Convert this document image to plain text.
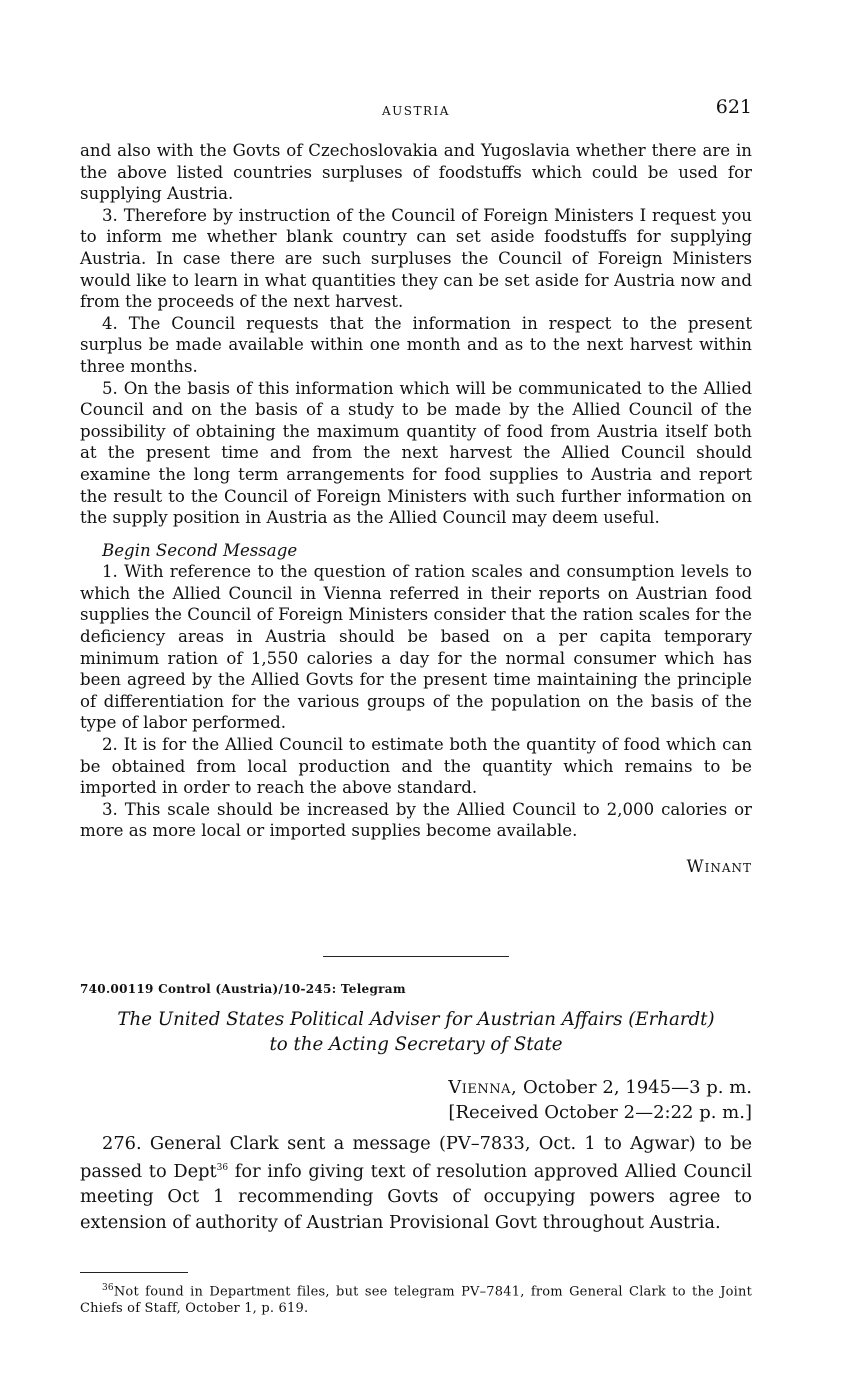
AUSTRIA	621

and also with the Govts of Czechoslovakia and Yugoslavia whether there are in the above listed countries surpluses of foodstuffs which could be used for supplying Austria.

3. Therefore by instruction of the Council of Foreign Ministers I request you to inform me whether blank country can set aside foodstuffs for supplying Austria. In case there are such surpluses the Council of Foreign Ministers would like to learn in what quantities they can be set aside for Austria now and from the proceeds of the next harvest.

4. The Council requests that the information in respect to the present surplus be made available within one month and as to the next harvest within three months.

5. On the basis of this information which will be communicated to the Allied Council and on the basis of a study to be made by the Allied Council of the possibility of obtaining the maximum quantity of food from Austria itself both at the present time and from the next harvest the Allied Council should examine the long term arrangements for food supplies to Austria and report the result to the Council of Foreign Ministers with such further information on the supply position in Austria as the Allied Council may deem useful.

Begin Second Message

1. With reference to the question of ration scales and consumption levels to which the Allied Council in Vienna referred in their reports on Austrian food supplies the Council of Foreign Ministers consider that the ration scales for the deficiency areas in Austria should be based on a per capita temporary minimum ration of 1,550 calories a day for the normal consumer which has been agreed by the Allied Govts for the present time maintaining the principle of differentiation for the various groups of the population on the basis of the type of labor performed.

2. It is for the Allied Council to estimate both the quantity of food which can be obtained from local production and the quantity which remains to be imported in order to reach the above standard.

3. This scale should be increased by the Allied Council to 2,000 calories or more as more local or imported supplies become available.

Winant

740.00119 Control (Austria)/10-245: Telegram
The United States Political Adviser for Austrian Affairs (Erhardt)
to the Acting Secretary of State
Vienna, October 2, 1945—3 p. m.
[Received October 2—2:22 p. m.]

276. General Clark sent a message (PV–7833, Oct. 1 to Agwar) to be passed to Dept$^{36}$ for info giving text of resolution approved Allied Council meeting Oct 1 recommending Govts of occupying powers agree to extension of authority of Austrian Provisional Govt throughout Austria.

$^{36}$Not found in Department files, but see telegram PV–7841, from General Clark to the Joint Chiefs of Staff, October 1, p. 619.
